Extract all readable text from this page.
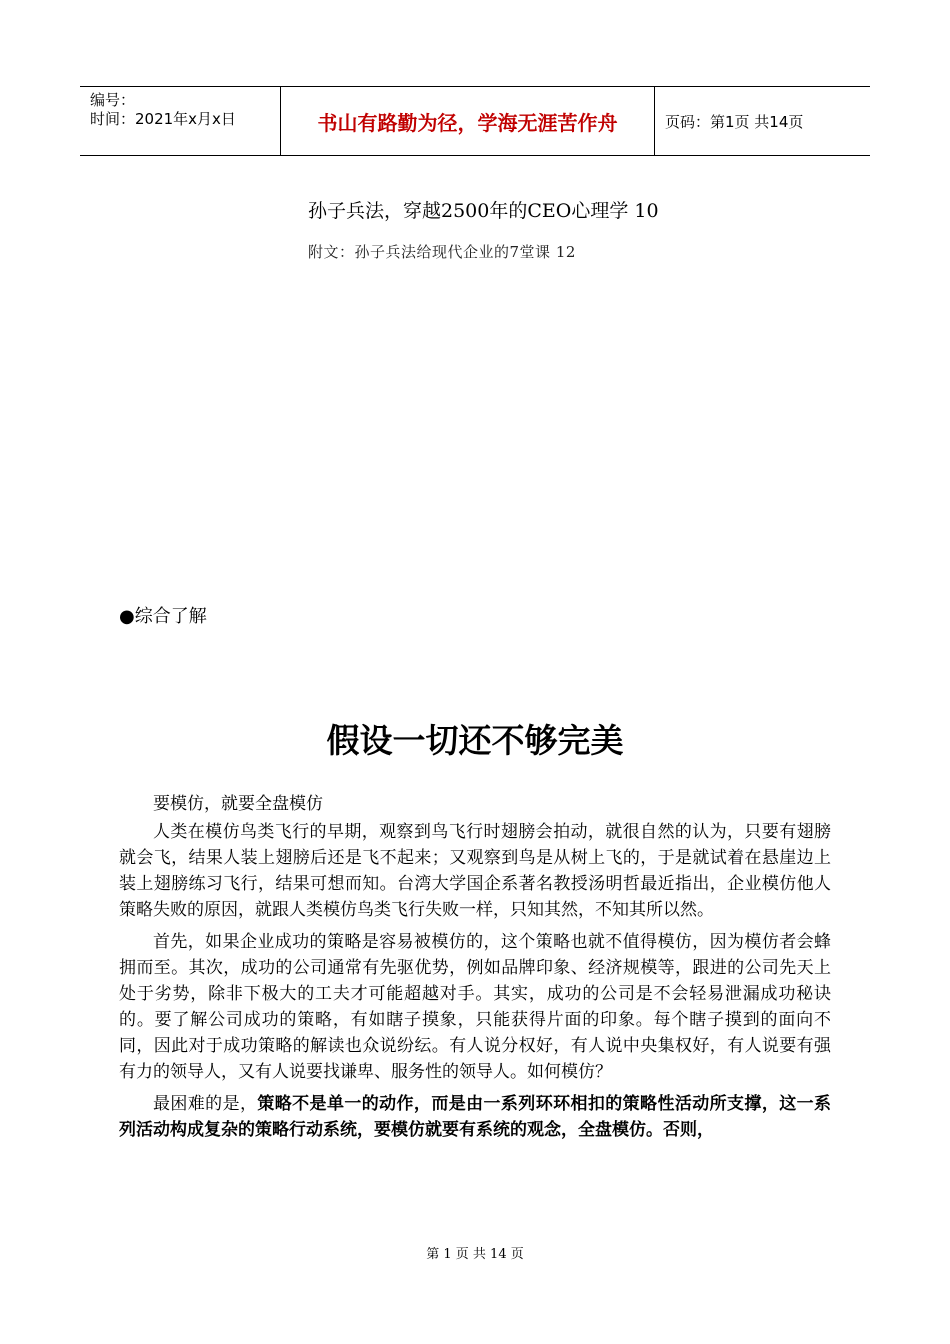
编号：
时间：2021年x月x日	书山有路勤为径，学海无涯苦作舟	页码：第1页 共14页
孙子兵法，穿越2500年的CEO心理学 10
附文：孙子兵法给现代企业的7堂课 12
●综合了解
假设一切还不够完美

要模仿，就要全盘模仿

人类在模仿鸟类飞行的早期，观察到鸟飞行时翅膀会拍动，就很自然的认为，只要有翅膀就会飞，结果人装上翅膀后还是飞不起来；又观察到鸟是从树上飞的，于是就试着在悬崖边上装上翅膀练习飞行，结果可想而知。台湾大学国企系著名教授汤明哲最近指出，企业模仿他人策略失败的原因，就跟人类模仿鸟类飞行失败一样，只知其然，不知其所以然。

首先，如果企业成功的策略是容易被模仿的，这个策略也就不值得模仿，因为模仿者会蜂拥而至。其次，成功的公司通常有先驱优势，例如品牌印象、经济规模等，跟进的公司先天上处于劣势，除非下极大的工夫才可能超越对手。其实，成功的公司是不会轻易泄漏成功秘诀的。要了解公司成功的策略，有如瞎子摸象，只能获得片面的印象。每个瞎子摸到的面向不同，因此对于成功策略的解读也众说纷纭。有人说分权好，有人说中央集权好，有人说要有强有力的领导人，又有人说要找谦卑、服务性的领导人。如何模仿？

最困难的是，策略不是单一的动作，而是由一系列环环相扣的策略性活动所支撑，这一系列活动构成复杂的策略行动系统，要模仿就要有系统的观念，全盘模仿。否则，

第 1 页 共 14 页
